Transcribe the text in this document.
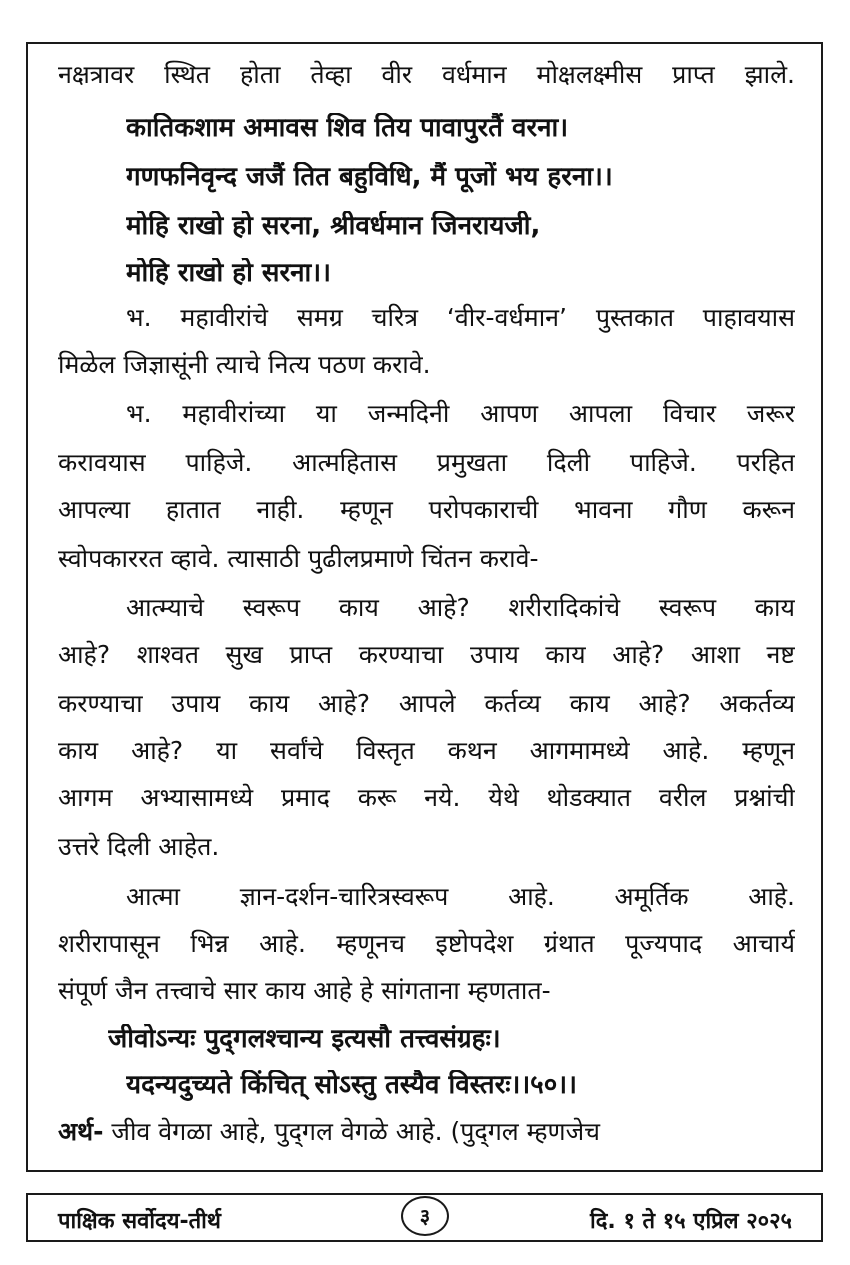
नक्षत्रावर स्थित होता तेव्हा वीर वर्धमान मोक्षलक्ष्मीस प्राप्त झाले.

कातिकशाम अमावस शिव तिय पावापुरतैं वरना।

गणफनिवृन्द जजैं तित बहुविधि, मैं पूजों भय हरना।।

मोहि राखो हो सरना, श्रीवर्धमान जिनरायजी,

मोहि राखो हो सरना।।

भ. महावीरांचे समग्र चरित्र ‘वीर-वर्धमान’ पुस्तकात पाहावयास

मिळेल जिज्ञासूंनी त्याचे नित्य पठण करावे.

भ. महावीरांच्या या जन्मदिनी आपण आपला विचार जरूर

करावयास पाहिजे. आत्महितास प्रमुखता दिली पाहिजे. परहित

आपल्या हातात नाही. म्हणून परोपकाराची भावना गौण करून

स्वोपकाररत व्हावे. त्यासाठी पुढीलप्रमाणे चिंतन करावे-

आत्म्याचे स्वरूप काय आहे? शरीरादिकांचे स्वरूप काय

आहे? शाश्वत सुख प्राप्त करण्याचा उपाय काय आहे? आशा नष्ट

करण्याचा उपाय काय आहे? आपले कर्तव्य काय आहे? अकर्तव्य

काय आहे? या सर्वांचे विस्तृत कथन आगमामध्ये आहे. म्हणून

आगम अभ्यासामध्ये प्रमाद करू नये. येथे थोडक्यात वरील प्रश्नांची

उत्तरे दिली आहेत.

आत्मा ज्ञान-दर्शन-चारित्रस्वरूप आहे. अमूर्तिक आहे.

शरीरापासून भिन्न आहे. म्हणूनच इष्टोपदेश ग्रंथात पूज्यपाद आचार्य

संपूर्ण जैन तत्त्वाचे सार काय आहे हे सांगताना म्हणतात-

जीवोऽन्यः पुद्‌गलश्चान्य इत्यसौ तत्त्वसंग्रहः।

यदन्यदुच्यते किंचित्‌ सोऽस्तु तस्यैव विस्तरः।।५०।।

अर्थ- जीव वेगळा आहे, पुद्‌गल वेगळे आहे. (पुद्‌गल म्हणजेच

पाक्षिक सर्वोदय-तीर्थ	३	दि. १ ते १५ एप्रिल २०२५
